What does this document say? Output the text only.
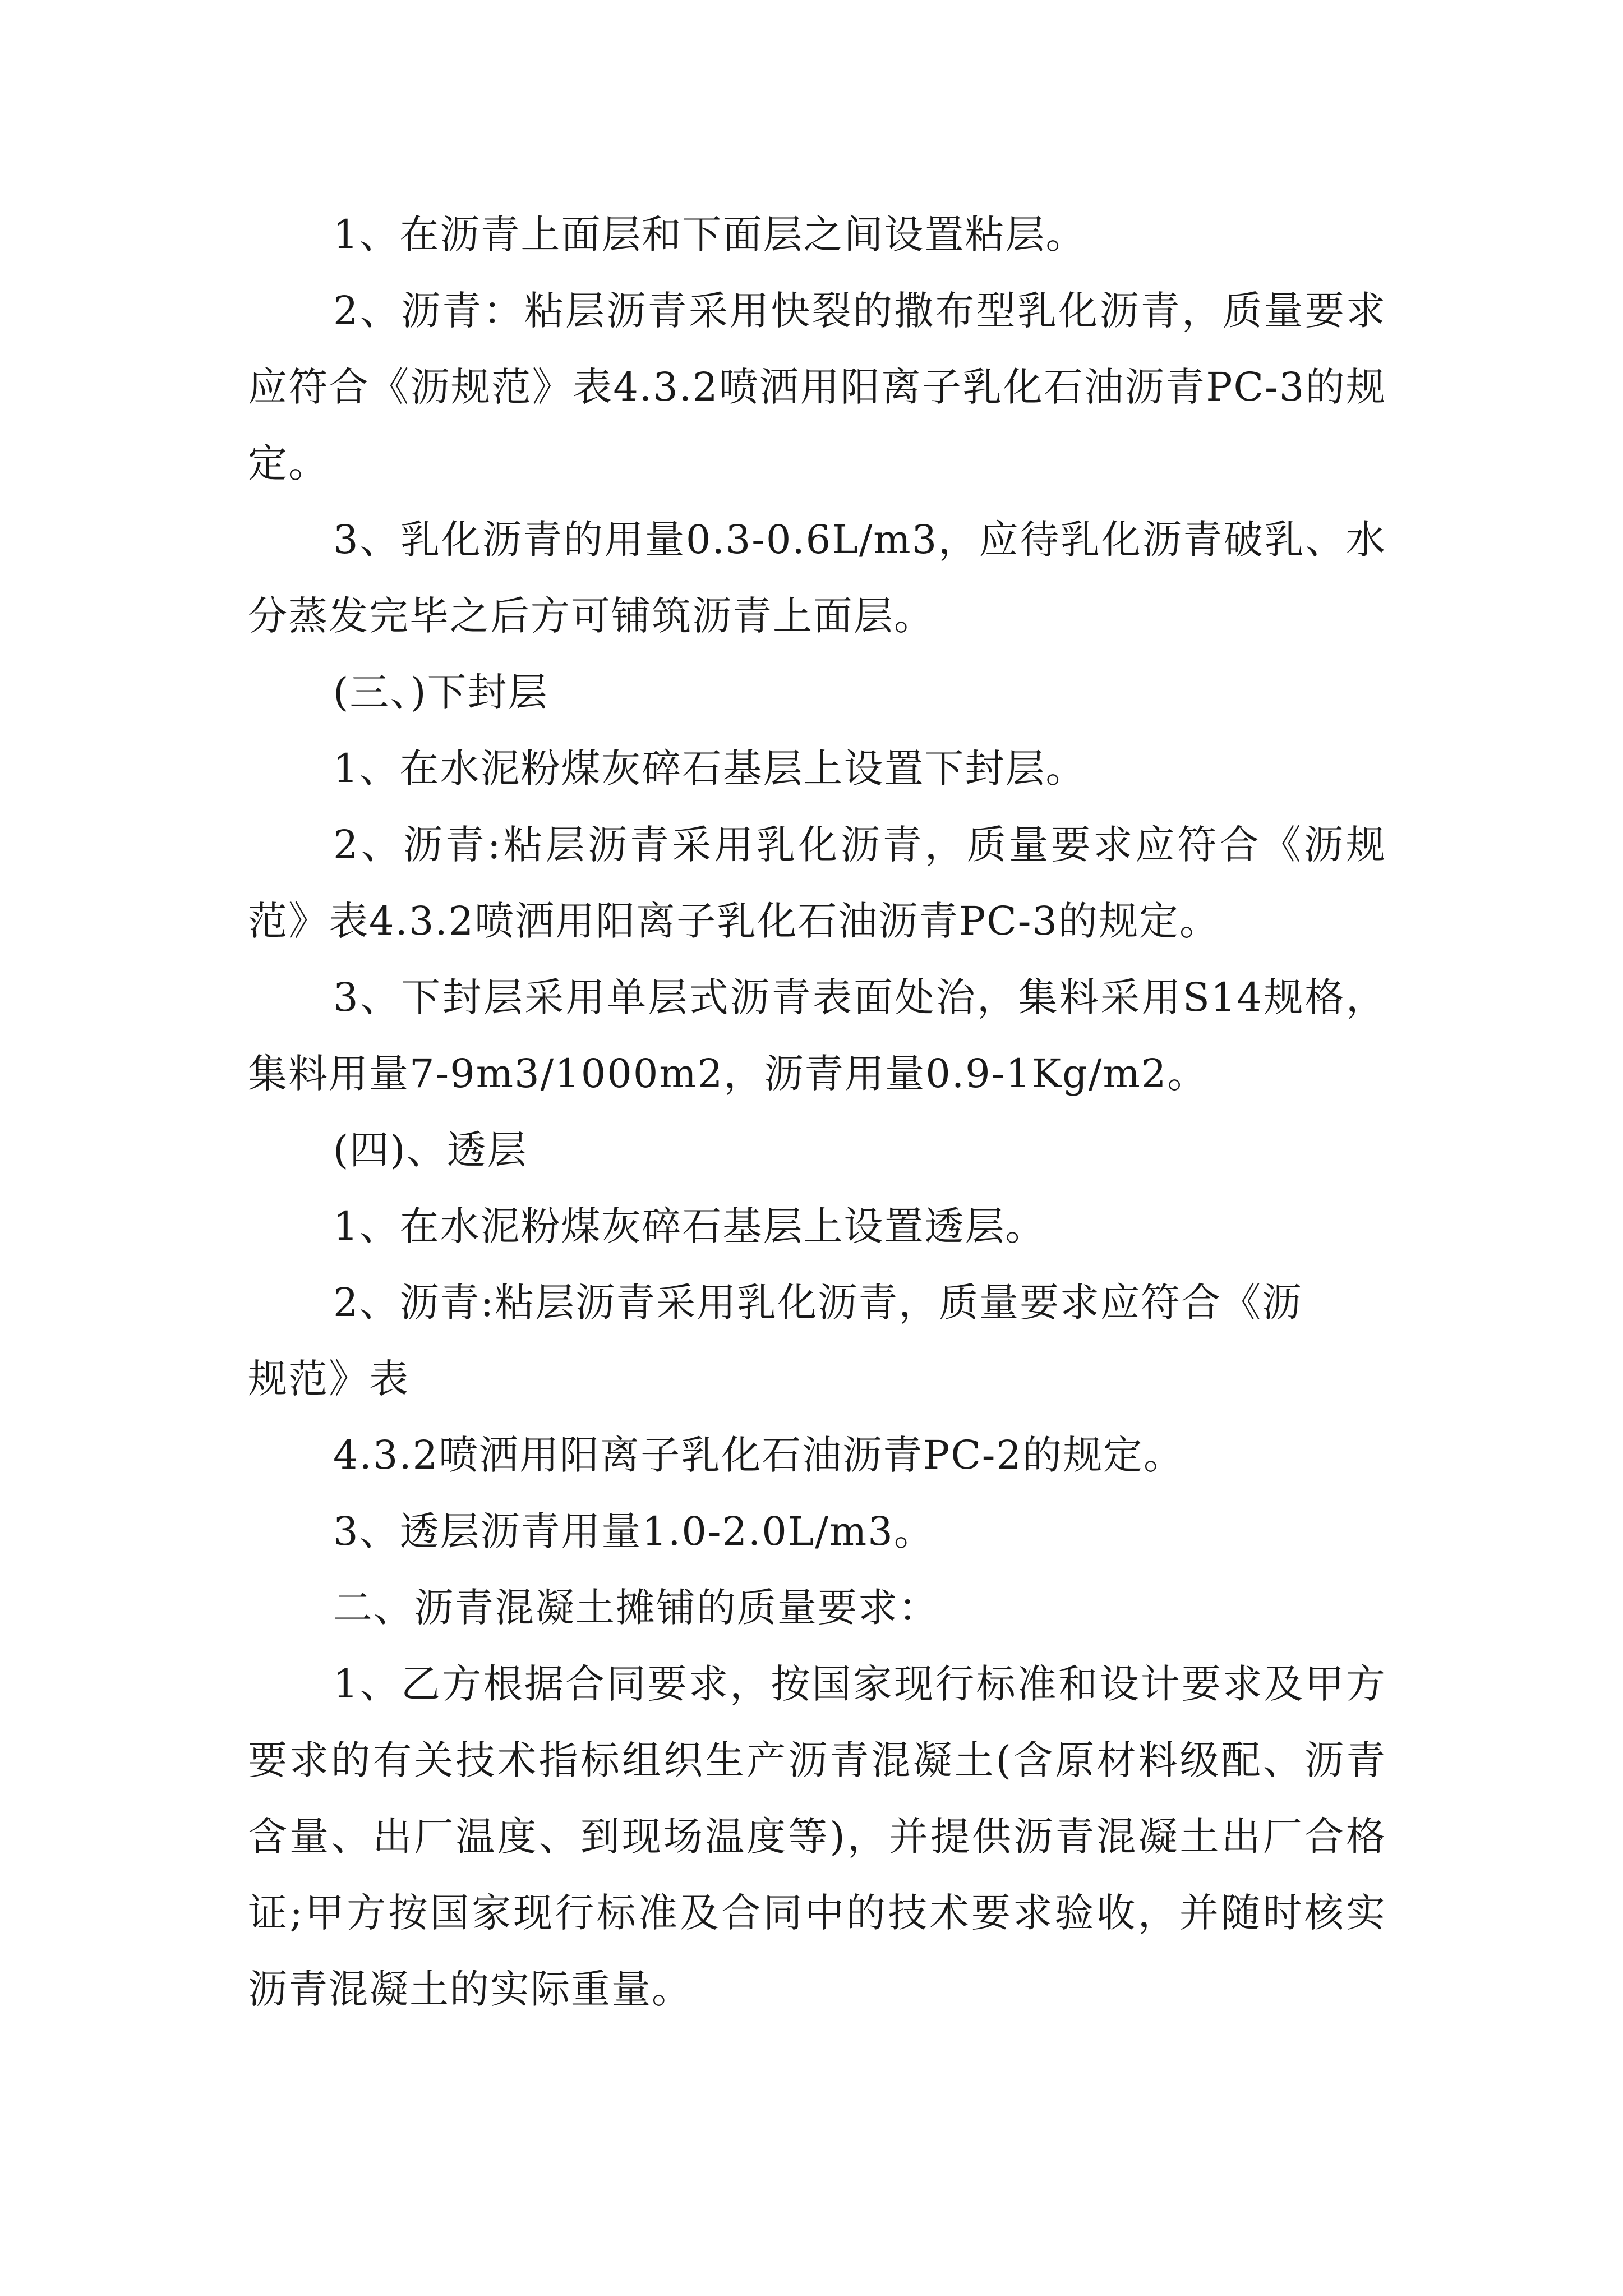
1、在沥青上面层和下面层之间设置粘层。

2、沥青：粘层沥青采用快裂的撒布型乳化沥青，质量要求应符合《沥规范》表4.3.2喷洒用阳离子乳化石油沥青PC-3的规定。

3、乳化沥青的用量0.3-0.6L/m3，应待乳化沥青破乳、水分蒸发完毕之后方可铺筑沥青上面层。

(三、)下封层

1、在水泥粉煤灰碎石基层上设置下封层。

2、沥青:粘层沥青采用乳化沥青，质量要求应符合《沥规范》表4.3.2喷洒用阳离子乳化石油沥青PC-3的规定。

3、下封层采用单层式沥青表面处治，集料采用S14规格，集料用量7-9m3/1000m2，沥青用量0.9-1Kg/m2。

(四)、透层

1、在水泥粉煤灰碎石基层上设置透层。

2、沥青:粘层沥青采用乳化沥青，质量要求应符合《沥规范》表

4.3.2喷洒用阳离子乳化石油沥青PC-2的规定。

3、透层沥青用量1.0-2.0L/m3。

二、沥青混凝土摊铺的质量要求：

1、乙方根据合同要求，按国家现行标准和设计要求及甲方要求的有关技术指标组织生产沥青混凝土(含原材料级配、沥青含量、出厂温度、到现场温度等)，并提供沥青混凝土出厂合格证;甲方按国家现行标准及合同中的技术要求验收，并随时核实沥青混凝土的实际重量。
